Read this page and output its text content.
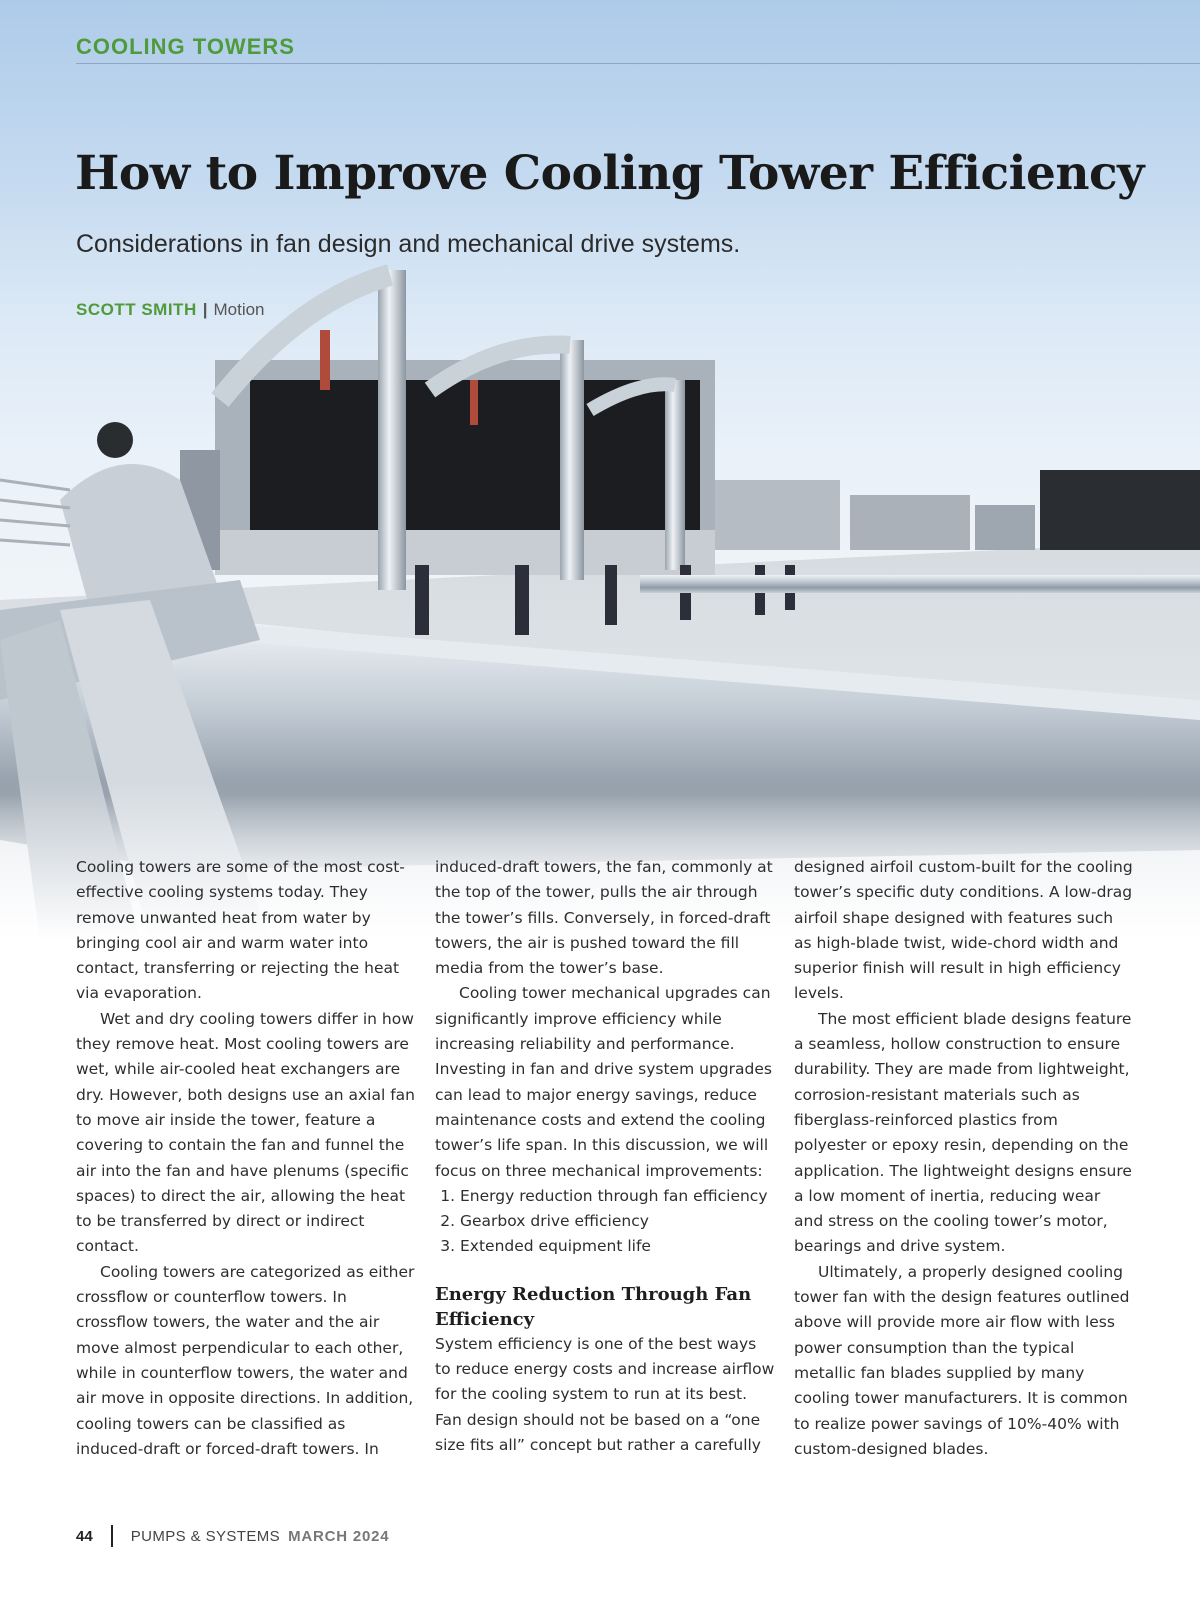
COOLING TOWERS
How to Improve Cooling Tower Efficiency

Considerations in fan design and mechanical drive systems.

SCOTT SMITH | Motion

Cooling towers are some of the most cost-effective cooling systems today. They remove unwanted heat from water by bringing cool air and warm water into contact, transferring or rejecting the heat via evaporation.

Wet and dry cooling towers differ in how they remove heat. Most cooling towers are wet, while air-cooled heat exchangers are dry. However, both designs use an axial fan to move air inside the tower, feature a covering to contain the fan and funnel the air into the fan and have plenums (specific spaces) to direct the air, allowing the heat to be transferred by direct or indirect contact.

Cooling towers are categorized as either crossflow or counterflow towers. In crossflow towers, the water and the air move almost perpendicular to each other, while in counterflow towers, the water and air move in opposite directions. In addition, cooling towers can be classified as induced-draft or forced-draft towers. In

induced-draft towers, the fan, commonly at the top of the tower, pulls the air through the tower’s fills. Conversely, in forced-draft towers, the air is pushed toward the fill media from the tower’s base.

Cooling tower mechanical upgrades can significantly improve efficiency while increasing reliability and performance. Investing in fan and drive system upgrades can lead to major energy savings, reduce maintenance costs and extend the cooling tower’s life span. In this discussion, we will focus on three mechanical improvements:

1. Energy reduction through fan efficiency
2. Gearbox drive efficiency
3. Extended equipment life
Energy Reduction Through Fan Efficiency

System efficiency is one of the best ways to reduce energy costs and increase airflow for the cooling system to run at its best. Fan design should not be based on a “one size fits all” concept but rather a carefully

designed airfoil custom-built for the cooling tower’s specific duty conditions. A low-drag airfoil shape designed with features such as high-blade twist, wide-chord width and superior finish will result in high efficiency levels.

The most efficient blade designs feature a seamless, hollow construction to ensure durability. They are made from lightweight, corrosion-resistant materials such as fiberglass-reinforced plastics from polyester or epoxy resin, depending on the application. The lightweight designs ensure a low moment of inertia, reducing wear and stress on the cooling tower’s motor, bearings and drive system.

Ultimately, a properly designed cooling tower fan with the design features outlined above will provide more air flow with less power consumption than the typical metallic fan blades supplied by many cooling tower manufacturers. It is common to realize power savings of 10%-40% with custom-designed blades.

44	PUMPS & SYSTEMS MARCH 2024
